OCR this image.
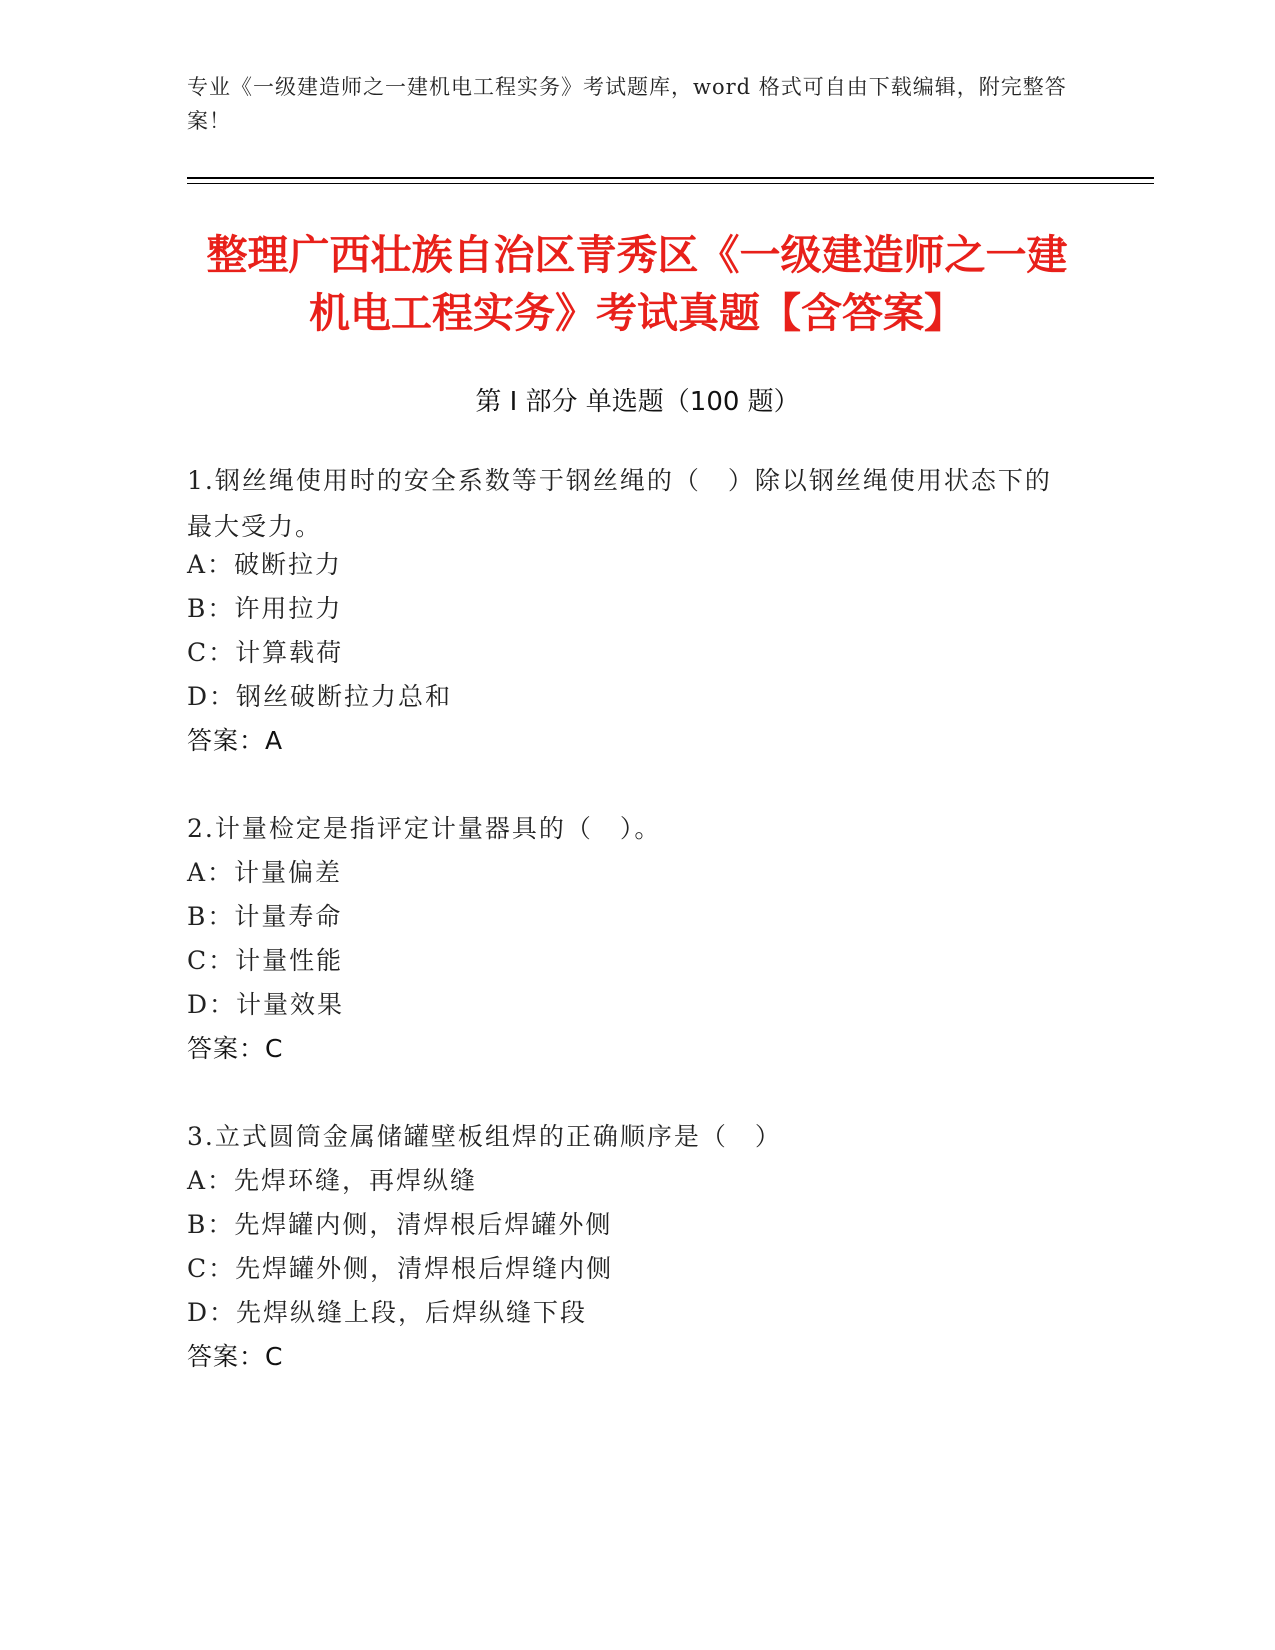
专业《一级建造师之一建机电工程实务》考试题库，word 格式可自由下载编辑，附完整答案！
整理广西壮族自治区青秀区《一级建造师之一建机电工程实务》考试真题【含答案】
第 I 部分 单选题（100 题）
1.钢丝绳使用时的安全系数等于钢丝绳的（　）除以钢丝绳使用状态下的最大受力。
A：破断拉力
B：许用拉力
C：计算载荷
D：钢丝破断拉力总和
答案：A
2.计量检定是指评定计量器具的（　）。
A：计量偏差
B：计量寿命
C：计量性能
D：计量效果
答案：C
3.立式圆筒金属储罐壁板组焊的正确顺序是（　）
A：先焊环缝，再焊纵缝
B：先焊罐内侧，清焊根后焊罐外侧
C：先焊罐外侧，清焊根后焊缝内侧
D：先焊纵缝上段，后焊纵缝下段
答案：C
